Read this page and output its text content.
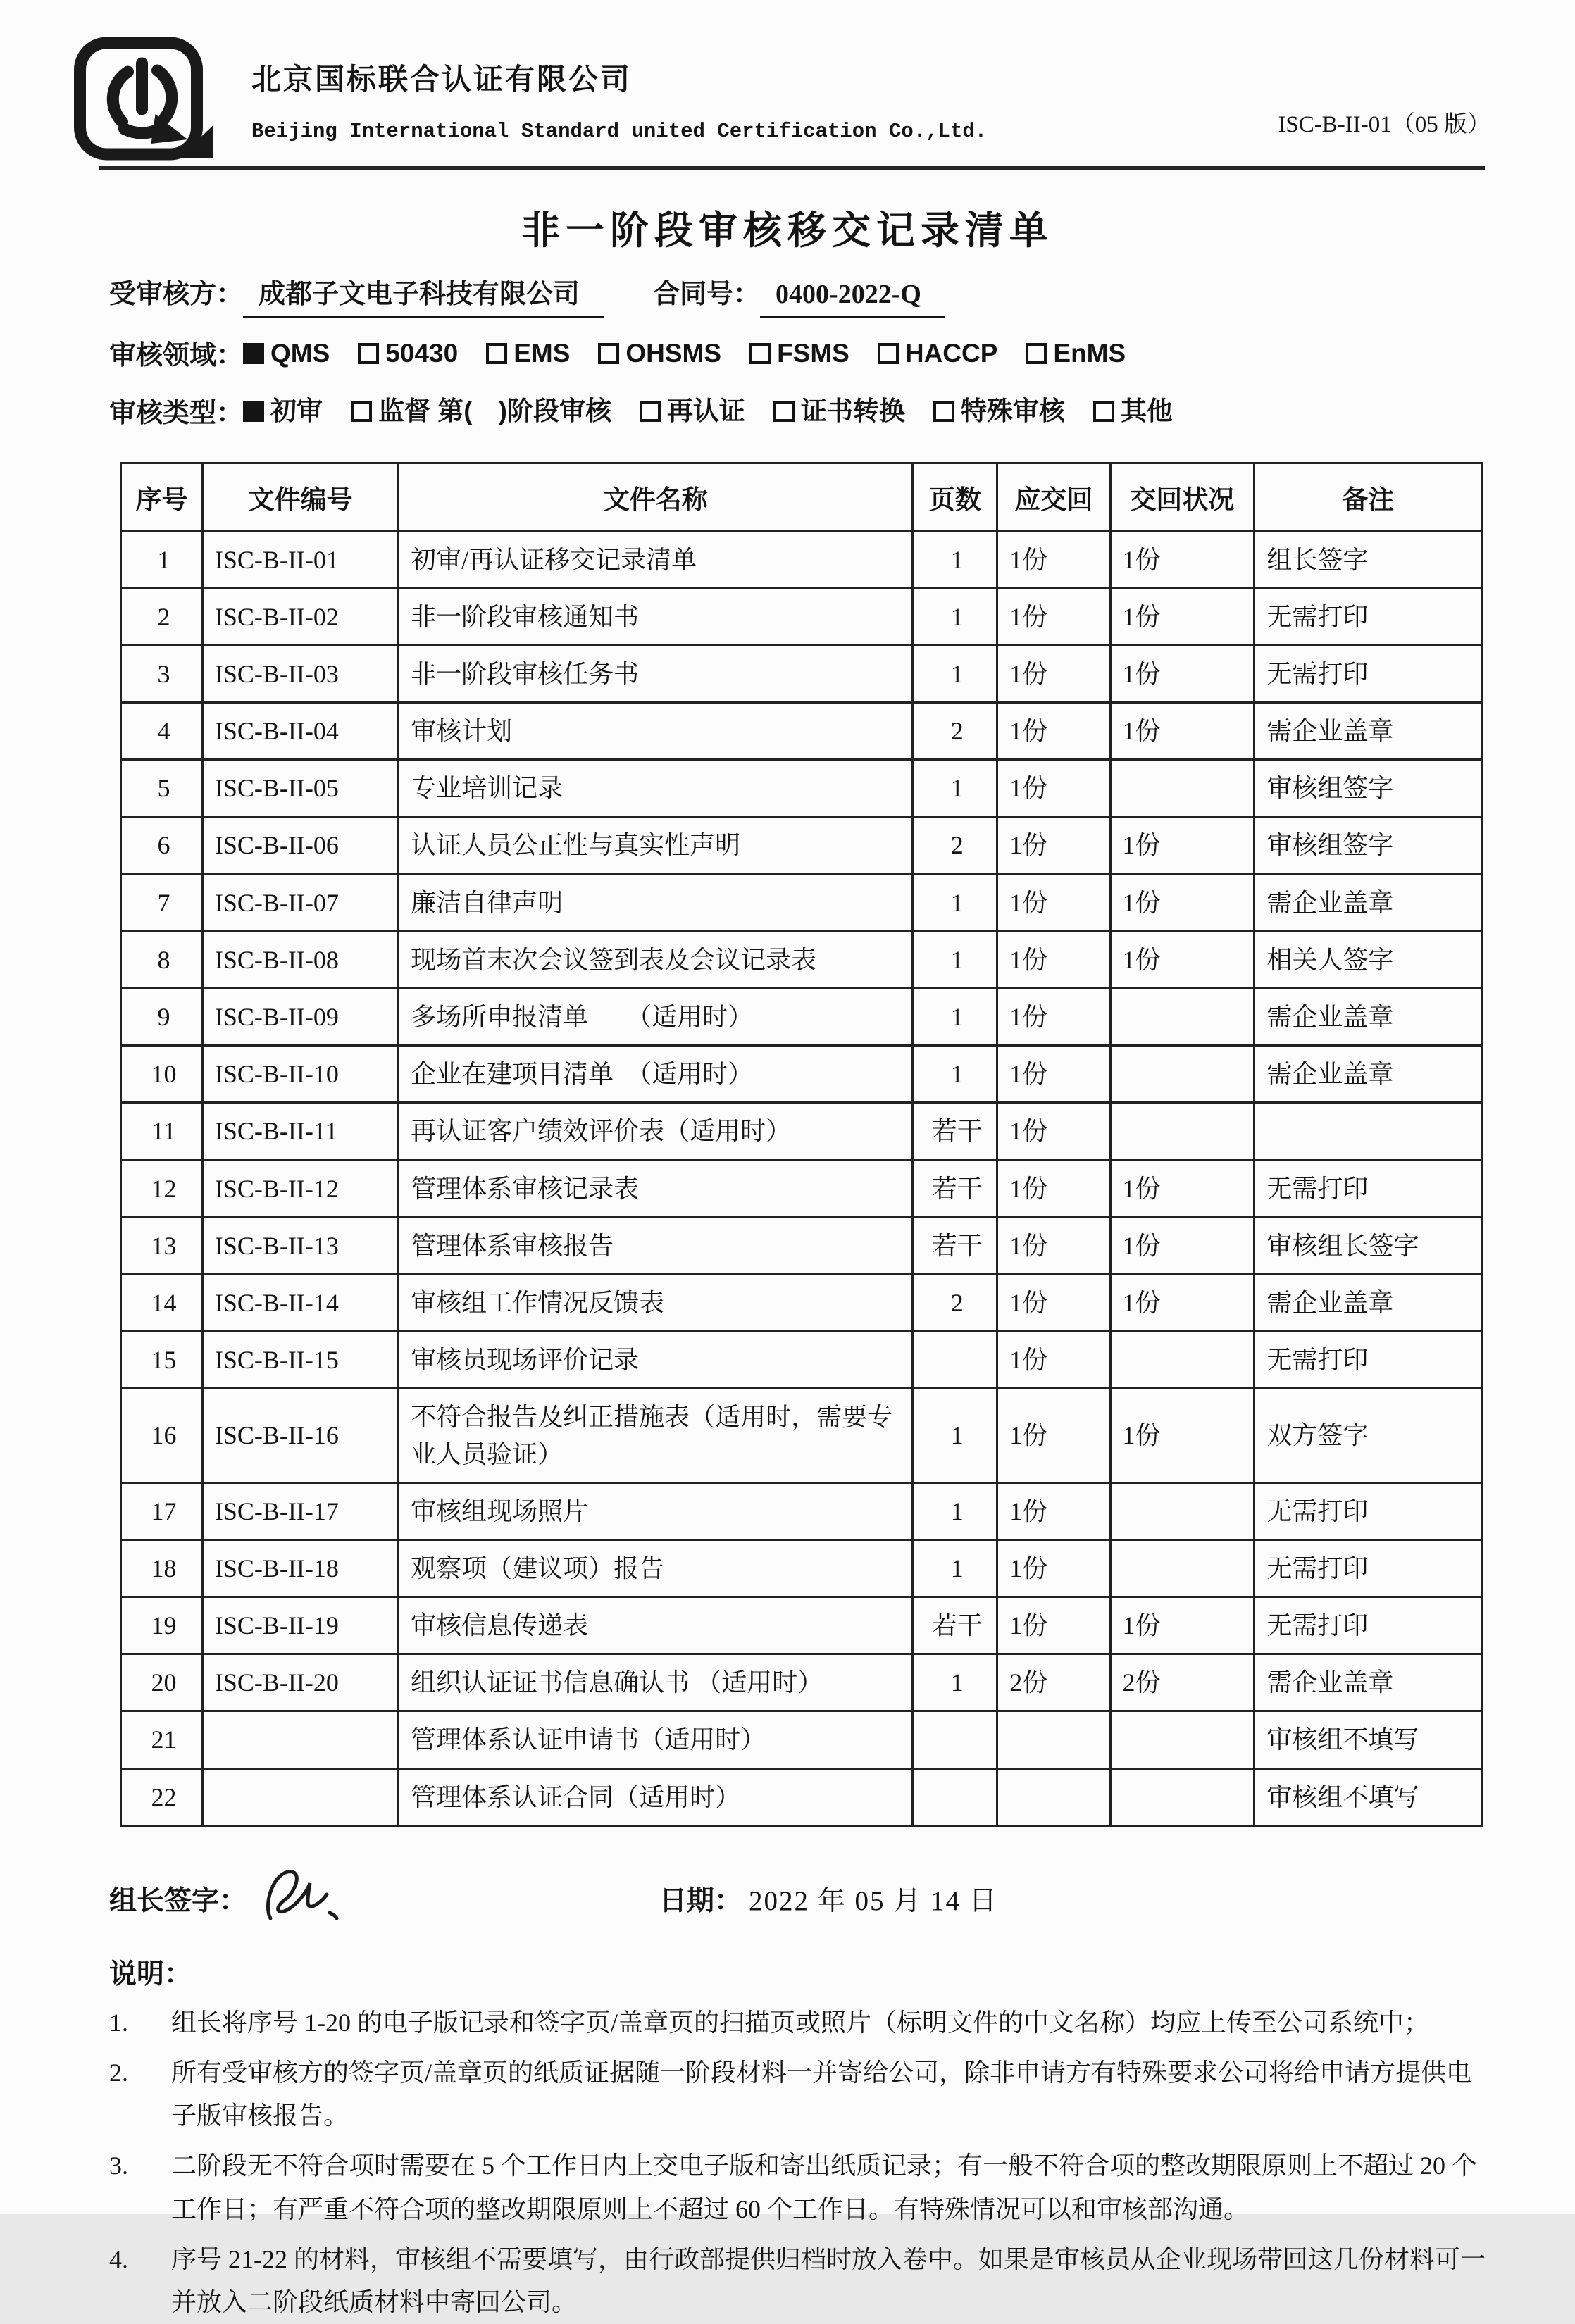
北京国标联合认证有限公司
Beijing International Standard united Certification Co.,Ltd.	ISC-B-II-01（05 版）
非一阶段审核移交记录清单
受审核方： 成都子文电子科技有限公司	合同号： 0400-2022-Q
审核领域： QMS 50430 EMS OHSMS FSMS HACCP EnMS
审核类型： 初审 监督 第(　)阶段审核 再认证 证书转换 特殊审核 其他
序号	文件编号	文件名称	页数	应交回	交回状况	备注
1	ISC-B-II-01	初审/再认证移交记录清单	1	1份	1份	组长签字
2	ISC-B-II-02	非一阶段审核通知书	1	1份	1份	无需打印
3	ISC-B-II-03	非一阶段审核任务书	1	1份	1份	无需打印
4	ISC-B-II-04	审核计划	2	1份	1份	需企业盖章
5	ISC-B-II-05	专业培训记录	1	1份		审核组签字
6	ISC-B-II-06	认证人员公正性与真实性声明	2	1份	1份	审核组签字
7	ISC-B-II-07	廉洁自律声明	1	1份	1份	需企业盖章
8	ISC-B-II-08	现场首末次会议签到表及会议记录表	1	1份	1份	相关人签字
9	ISC-B-II-09	多场所申报清单　　（适用时）	1	1份		需企业盖章
10	ISC-B-II-10	企业在建项目清单　（适用时）	1	1份		需企业盖章
11	ISC-B-II-11	再认证客户绩效评价表（适用时）	若干	1份		
12	ISC-B-II-12	管理体系审核记录表	若干	1份	1份	无需打印
13	ISC-B-II-13	管理体系审核报告	若干	1份	1份	审核组长签字
14	ISC-B-II-14	审核组工作情况反馈表	2	1份	1份	需企业盖章
15	ISC-B-II-15	审核员现场评价记录		1份		无需打印
16	ISC-B-II-16	不符合报告及纠正措施表（适用时，需要专业人员验证）	1	1份	1份	双方签字
17	ISC-B-II-17	审核组现场照片	1	1份		无需打印
18	ISC-B-II-18	观察项（建议项）报告	1	1份		无需打印
19	ISC-B-II-19	审核信息传递表	若干	1份	1份	无需打印
20	ISC-B-II-20	组织认证证书信息确认书 （适用时）	1	2份	2份	需企业盖章
21		管理体系认证申请书（适用时）				审核组不填写
22		管理体系认证合同（适用时）				审核组不填写
组长签字：	日期： 2022 年 05 月 14 日
说明：
1.	组长将序号 1-20 的电子版记录和签字页/盖章页的扫描页或照片（标明文件的中文名称）均应上传至公司系统中；
2.	所有受审核方的签字页/盖章页的纸质证据随一阶段材料一并寄给公司，除非申请方有特殊要求公司将给申请方提供电子版审核报告。
3.	二阶段无不符合项时需要在 5 个工作日内上交电子版和寄出纸质记录；有一般不符合项的整改期限原则上不超过 20 个工作日；有严重不符合项的整改期限原则上不超过 60 个工作日。有特殊情况可以和审核部沟通。
4.	序号 21-22 的材料，审核组不需要填写，由行政部提供归档时放入卷中。如果是审核员从企业现场带回这几份材料可一并放入二阶段纸质材料中寄回公司。
